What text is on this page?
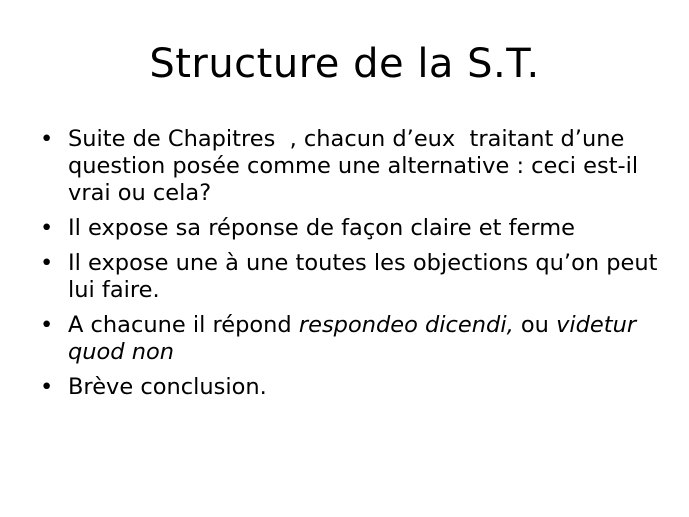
Structure de la S.T.
• Suite de Chapitres  , chacun d’eux  traitant d’une question posée comme une alternative : ceci est-il vrai ou cela?
• Il expose sa réponse de façon claire et ferme
• Il expose une à une toutes les objections qu’on peut lui faire.
• A chacune il répond respondeo dicendi, ou videtur quod non
• Brève conclusion.
